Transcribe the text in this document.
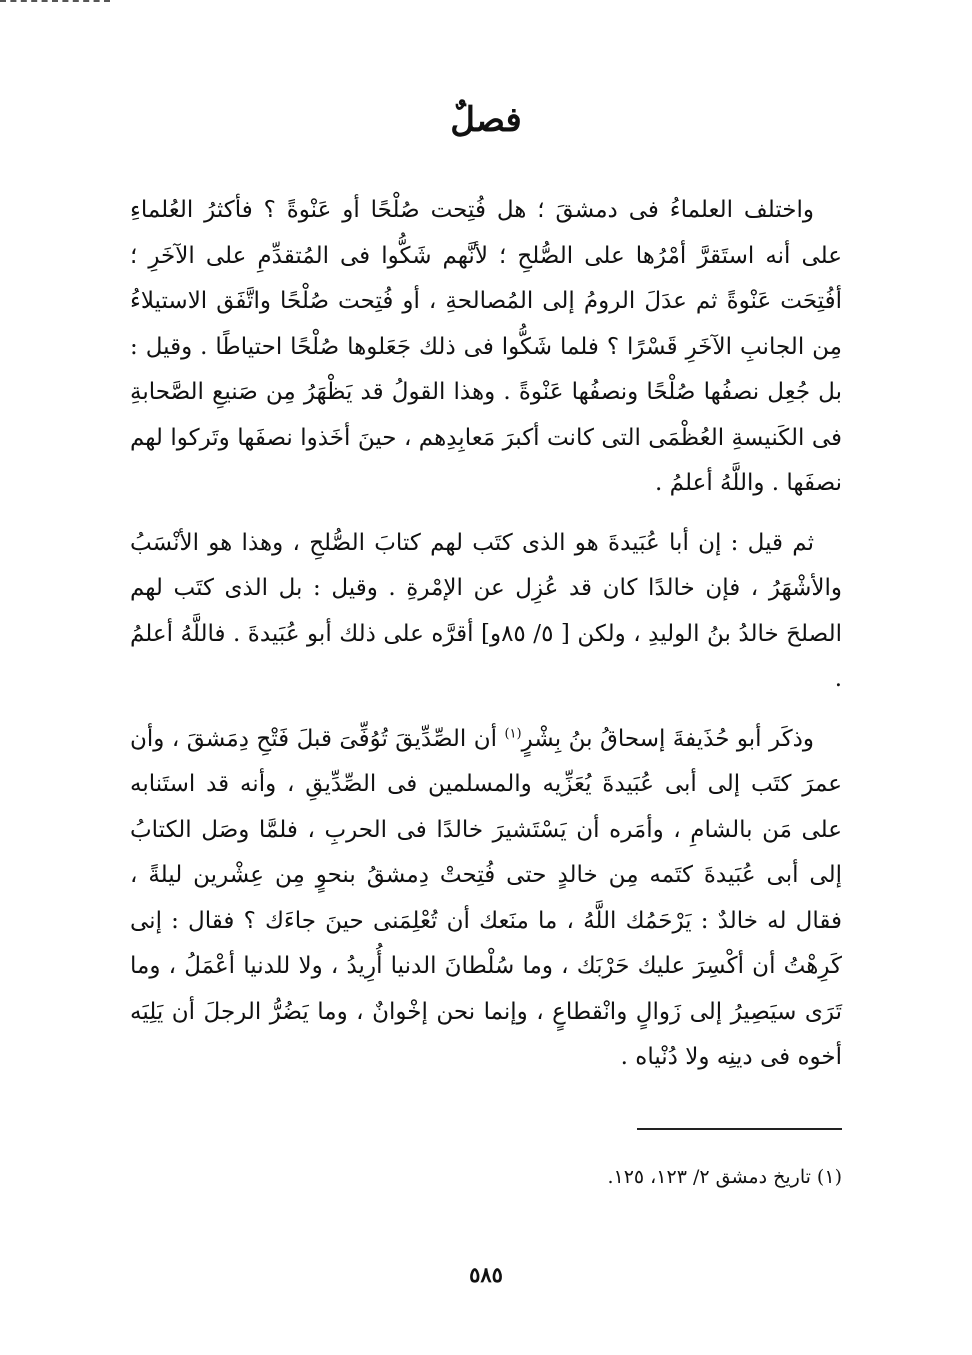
فصلٌ

واختلف العلماءُ فى دمشقَ ؛ هل فُتِحت صُلْحًا أو عَنْوةً ؟ فأكثرُ العُلماءِ على أنه استَقرَّ أمْرُها على الصُّلحِ ؛ لأنَّهم شَكُّوا فى المُتقدِّمِ على الآخَرِ ؛ أفُتِحَت عَنْوةً ثم عدَلَ الرومُ إلى المُصالحةِ ، أو فُتِحت صُلْحًا واتَّفَق الاستيلاءُ مِن الجانبِ الآخَرِ قَسْرًا ؟ فلما شَكُّوا فى ذلك جَعَلوها صُلْحًا احتياطًا . وقيل : بل جُعِل نصفُها صُلْحًا ونصفُها عَنْوةً . وهذا القولُ قد يَظْهَرُ مِن صَنيعِ الصَّحابةِ فى الكَنيسةِ العُظْمَى التى كانت أكبرَ مَعابِدِهم ، حينَ أخَذوا نصفَها وتَركوا لهم نصفَها . واللَّهُ أعلمُ .

ثم قيل : إن أبا عُبَيدةَ هو الذى كتَب لهم كتابَ الصُّلحِ ، وهذا هو الأنْسَبُ والأشْهَرُ ، فإن خالدًا كان قد عُزِل عن الإمْرةِ . وقيل : بل الذى كتَب لهم الصلحَ خالدُ بنُ الوليدِ ، ولكن [ ٥/ ٨٥و] أقرَّه على ذلك أبو عُبَيدةَ . فاللَّهُ أعلمُ .

وذكَر أبو حُذَيفةَ إسحاقُ بنُ بِشْرٍ$^{(١)}$ أن الصِّدِّيقَ تُوُفِّىَ قبلَ فَتْحِ دِمَشقَ ، وأن عمرَ كتَب إلى أبى عُبَيدةَ يُعَزِّيه والمسلمين فى الصِّدِّيقِ ، وأنه قد استَنابه على مَن بالشامِ ، وأمَره أن يَسْتَشيرَ خالدًا فى الحربِ ، فلمَّا وصَل الكتابُ إلى أبى عُبَيدةَ كتَمه مِن خالدٍ حتى فُتِحتْ دِمشقُ بنحوٍ مِن عِشْرين ليلةً ، فقال له خالدٌ : يَرْحَمُك اللَّهُ ، ما منَعك أن تُعْلِمَنى حينَ جاءَك ؟ فقال : إنى كَرِهْتُ أن أكْسِرَ عليك حَرْبَك ، وما سُلْطانَ الدنيا أُرِيدُ ، ولا للدنيا أعْمَلُ ، وما تَرَى سيَصِيرُ إلى زَوالٍ وانْقطاعٍ ، وإنما نحن إخْوانٌ ، وما يَضُرُّ الرجلَ أن يَلِيَه أخوه فى دينِه ولا دُنْياه .

(١) تاريخ دمشق ٢/ ١٢٣، ١٢٥.

٥٨٥
